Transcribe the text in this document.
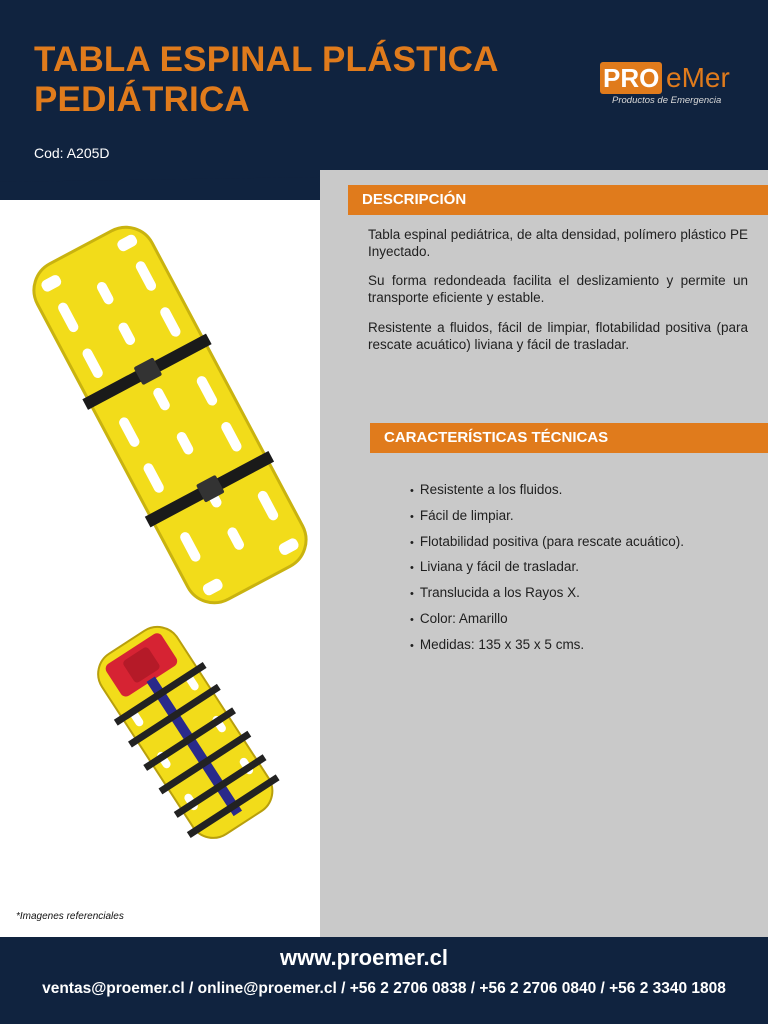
TABLA ESPINAL PLÁSTICA
PEDIÁTRICA
Cod: A205D
PRO eMer
Productos de Emergencia
DESCRIPCIÓN

Tabla espinal pediátrica, de alta densidad, polímero plástico PE Inyectado.

Su forma redondeada facilita el deslizamiento y permite un transporte eficiente y estable.

Resistente a fluidos, fácil de limpiar, flotabilidad positiva (para rescate acuático) liviana y fácil de trasladar.

CARACTERÍSTICAS TÉCNICAS
• Resistente a los fluidos.
• Fácil de limpiar.
• Flotabilidad positiva (para rescate acuático).
• Liviana y fácil de trasladar.
• Translucida a los Rayos X.
• Color: Amarillo
• Medidas: 135 x 35 x 5 cms.
*Imagenes referenciales
www.proemer.cl
ventas@proemer.cl / online@proemer.cl / +56 2 2706 0838 / +56 2 2706 0840 / +56 2 3340 1808
